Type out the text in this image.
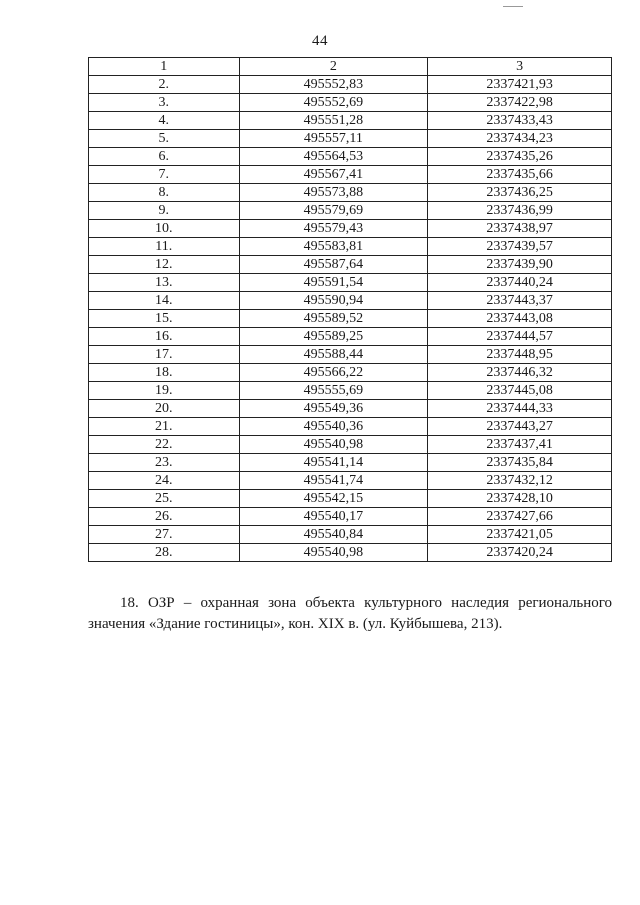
44
1	2	3
2.	495552,83	2337421,93
3.	495552,69	2337422,98
4.	495551,28	2337433,43
5.	495557,11	2337434,23
6.	495564,53	2337435,26
7.	495567,41	2337435,66
8.	495573,88	2337436,25
9.	495579,69	2337436,99
10.	495579,43	2337438,97
11.	495583,81	2337439,57
12.	495587,64	2337439,90
13.	495591,54	2337440,24
14.	495590,94	2337443,37
15.	495589,52	2337443,08
16.	495589,25	2337444,57
17.	495588,44	2337448,95
18.	495566,22	2337446,32
19.	495555,69	2337445,08
20.	495549,36	2337444,33
21.	495540,36	2337443,27
22.	495540,98	2337437,41
23.	495541,14	2337435,84
24.	495541,74	2337432,12
25.	495542,15	2337428,10
26.	495540,17	2337427,66
27.	495540,84	2337421,05
28.	495540,98	2337420,24

18. ОЗР – охранная зона объекта культурного наследия регионального значения «Здание гостиницы», кон. XIX в. (ул. Куйбышева, 213).
